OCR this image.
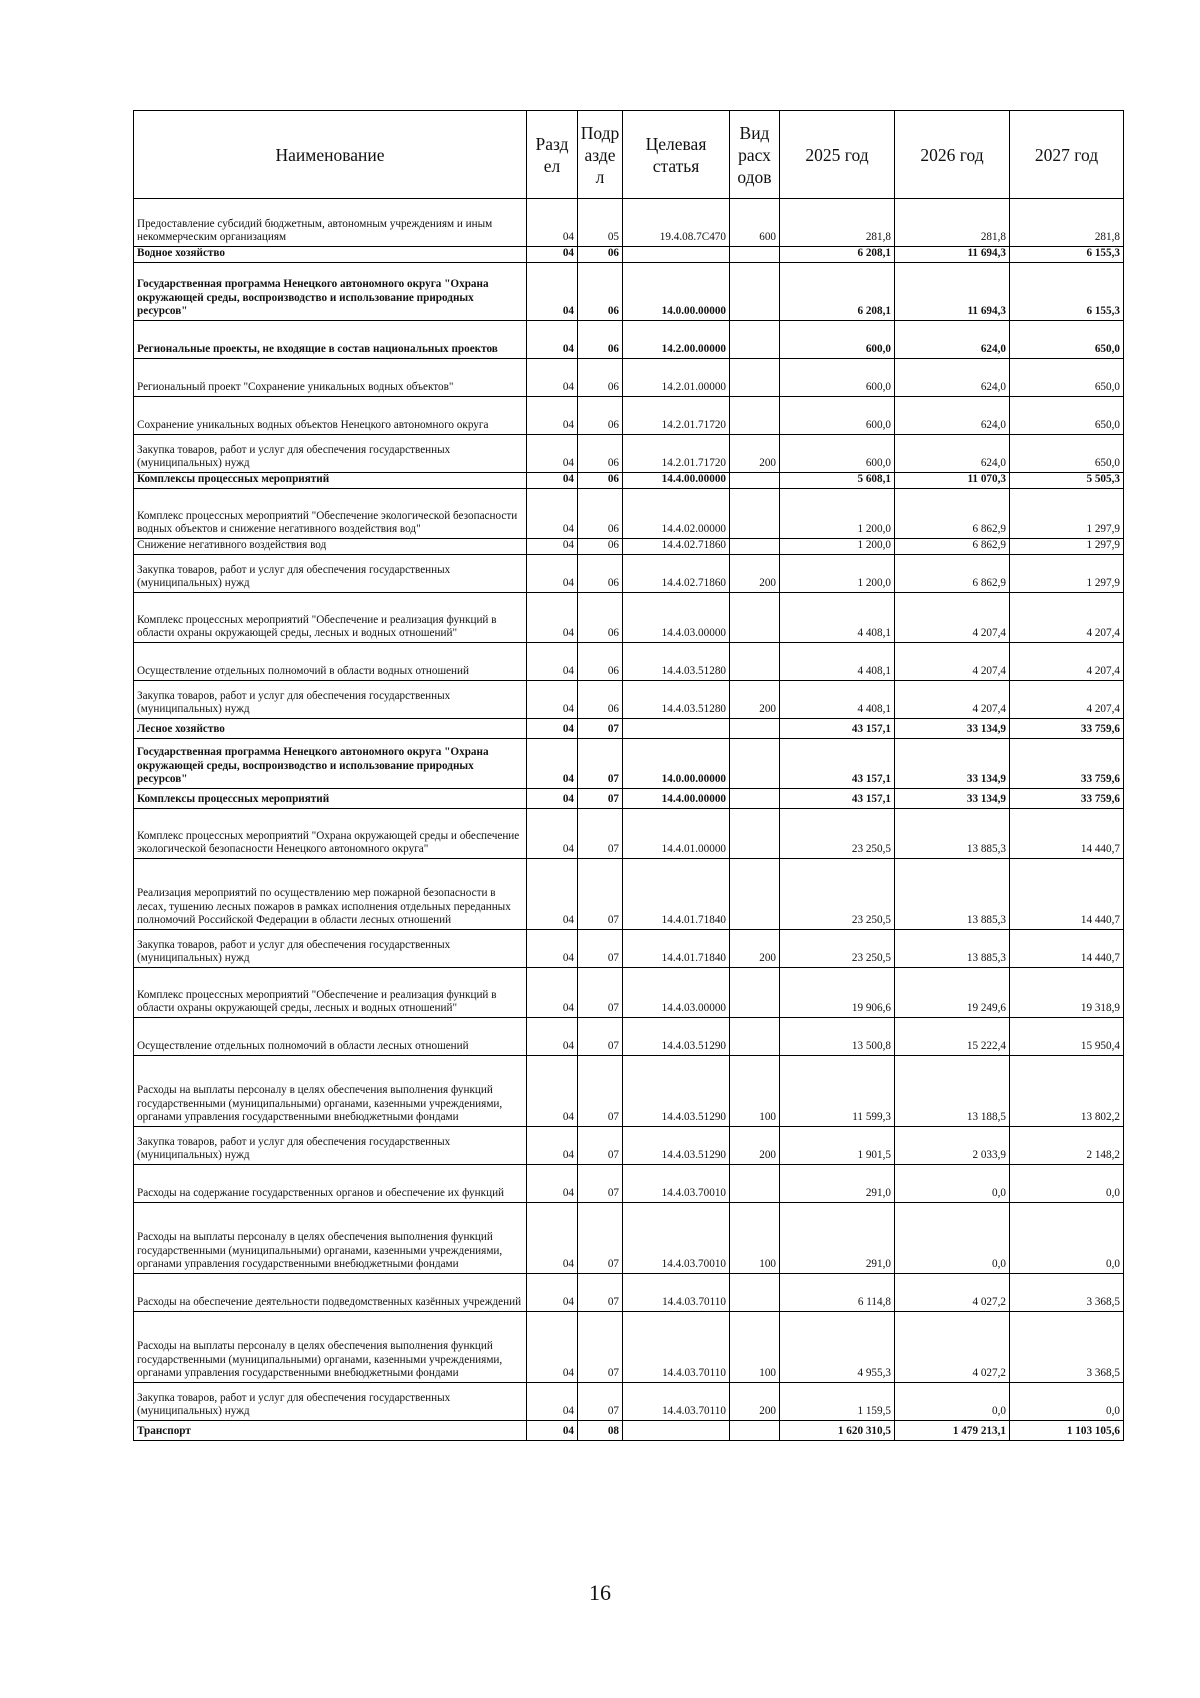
Наименование	Разд ел	Подр азде л	Целевая статья	Вид расх одов	2025 год	2026 год	2027 год
Предоставление субсидий бюджетным, автономным учреждениям и иным некоммерческим организациям	04	05	19.4.08.7С470	600	281,8	281,8	281,8
Водное хозяйство	04	06			6 208,1	11 694,3	6 155,3
Государственная программа Ненецкого автономного округа "Охрана окружающей среды, воспроизводство и использование природных ресурсов"	04	06	14.0.00.00000		6 208,1	11 694,3	6 155,3
Региональные проекты, не входящие в состав национальных проектов	04	06	14.2.00.00000		600,0	624,0	650,0
Региональный проект "Сохранение уникальных водных объектов"	04	06	14.2.01.00000		600,0	624,0	650,0
Сохранение уникальных водных объектов Ненецкого автономного округа	04	06	14.2.01.71720		600,0	624,0	650,0
Закупка товаров, работ и услуг для обеспечения государственных (муниципальных) нужд	04	06	14.2.01.71720	200	600,0	624,0	650,0
Комплексы процессных мероприятий	04	06	14.4.00.00000		5 608,1	11 070,3	5 505,3
Комплекс процессных мероприятий "Обеспечение экологической безопасности водных объектов и снижение негативного воздействия вод"	04	06	14.4.02.00000		1 200,0	6 862,9	1 297,9
Снижение негативного воздействия вод	04	06	14.4.02.71860		1 200,0	6 862,9	1 297,9
Закупка товаров, работ и услуг для обеспечения государственных (муниципальных) нужд	04	06	14.4.02.71860	200	1 200,0	6 862,9	1 297,9
Комплекс процессных мероприятий "Обеспечение и реализация функций в области охраны окружающей среды, лесных и водных отношений"	04	06	14.4.03.00000		4 408,1	4 207,4	4 207,4
Осуществление отдельных полномочий в области водных отношений	04	06	14.4.03.51280		4 408,1	4 207,4	4 207,4
Закупка товаров, работ и услуг для обеспечения государственных (муниципальных) нужд	04	06	14.4.03.51280	200	4 408,1	4 207,4	4 207,4
Лесное хозяйство	04	07			43 157,1	33 134,9	33 759,6
Государственная программа Ненецкого автономного округа "Охрана окружающей среды, воспроизводство и использование природных ресурсов"	04	07	14.0.00.00000		43 157,1	33 134,9	33 759,6
Комплексы процессных мероприятий	04	07	14.4.00.00000		43 157,1	33 134,9	33 759,6
Комплекс процессных мероприятий "Охрана окружающей среды и обеспечение экологической безопасности Ненецкого автономного округа"	04	07	14.4.01.00000		23 250,5	13 885,3	14 440,7
Реализация мероприятий по осуществлению мер пожарной безопасности в лесах, тушению лесных пожаров в рамках исполнения отдельных переданных полномочий Российской Федерации в области лесных отношений	04	07	14.4.01.71840		23 250,5	13 885,3	14 440,7
Закупка товаров, работ и услуг для обеспечения государственных (муниципальных) нужд	04	07	14.4.01.71840	200	23 250,5	13 885,3	14 440,7
Комплекс процессных мероприятий "Обеспечение и реализация функций в области охраны окружающей среды, лесных и водных отношений"	04	07	14.4.03.00000		19 906,6	19 249,6	19 318,9
Осуществление отдельных полномочий в области лесных отношений	04	07	14.4.03.51290		13 500,8	15 222,4	15 950,4
Расходы на выплаты персоналу в целях обеспечения выполнения функций государственными (муниципальными) органами, казенными учреждениями, органами управления государственными внебюджетными фондами	04	07	14.4.03.51290	100	11 599,3	13 188,5	13 802,2
Закупка товаров, работ и услуг для обеспечения государственных (муниципальных) нужд	04	07	14.4.03.51290	200	1 901,5	2 033,9	2 148,2
Расходы на содержание государственных органов и обеспечение их функций	04	07	14.4.03.70010		291,0	0,0	0,0
Расходы на выплаты персоналу в целях обеспечения выполнения функций государственными (муниципальными) органами, казенными учреждениями, органами управления государственными внебюджетными фондами	04	07	14.4.03.70010	100	291,0	0,0	0,0
Расходы на обеспечение деятельности подведомственных казённых учреждений	04	07	14.4.03.70110		6 114,8	4 027,2	3 368,5
Расходы на выплаты персоналу в целях обеспечения выполнения функций государственными (муниципальными) органами, казенными учреждениями, органами управления государственными внебюджетными фондами	04	07	14.4.03.70110	100	4 955,3	4 027,2	3 368,5
Закупка товаров, работ и услуг для обеспечения государственных (муниципальных) нужд	04	07	14.4.03.70110	200	1 159,5	0,0	0,0
Транспорт	04	08			1 620 310,5	1 479 213,1	1 103 105,6
16
